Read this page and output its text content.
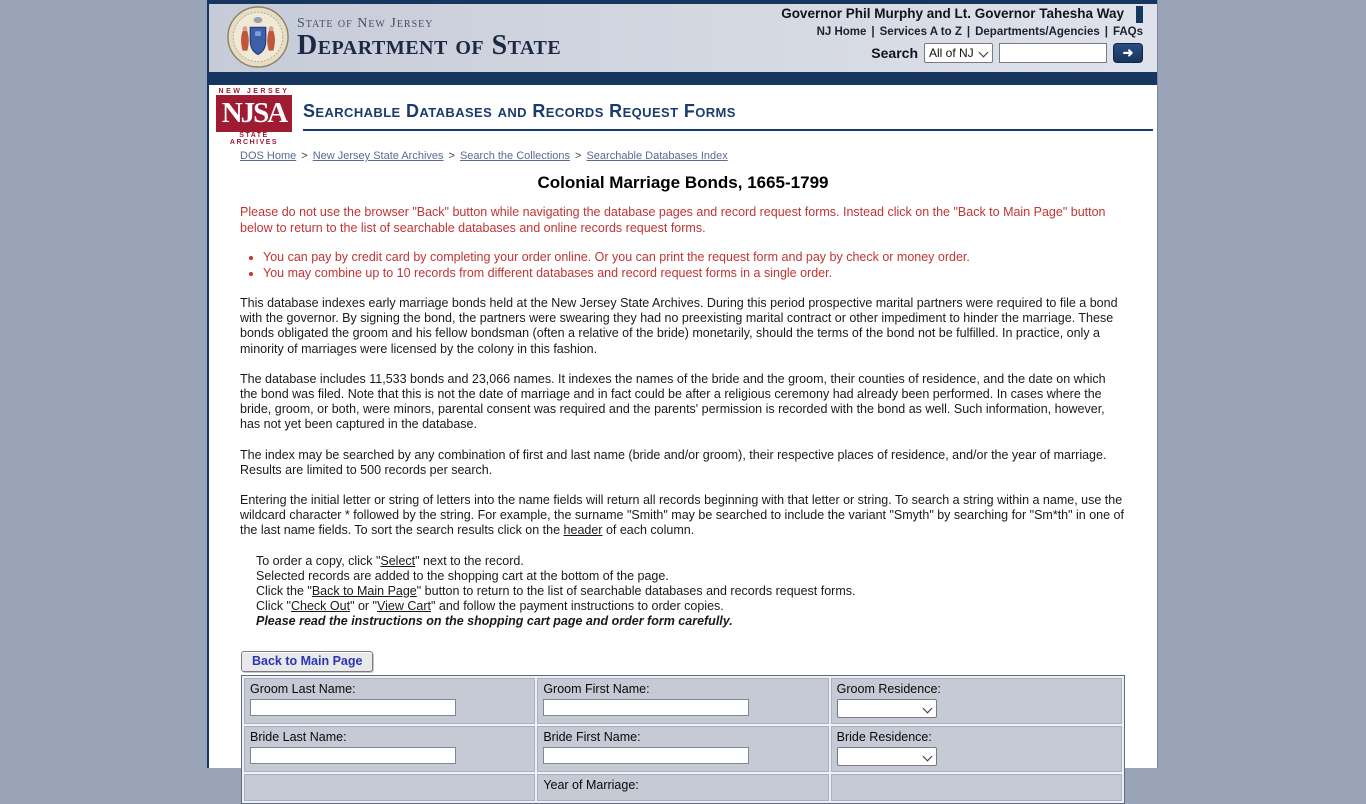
State of New Jersey
Department of State
Governor Phil Murphy and Lt. Governor Tahesha Way
NJ Home | Services A to Z | Departments/Agencies | FAQs
Search
All of NJ	➜
NEW JERSEY
NJSA
STATE ARCHIVES
Searchable Databases and Records Request Forms
DOS Home > New Jersey State Archives > Search the Collections > Searchable Databases Index
Colonial Marriage Bonds, 1665-1799
Please do not use the browser "Back" button while navigating the database pages and record request forms. Instead click on the "Back to Main Page" button below to return to the list of searchable databases and online records request forms.
• You can pay by credit card by completing your order online. Or you can print the request form and pay by check or money order.
• You may combine up to 10 records from different databases and record request forms in a single order.

This database indexes early marriage bonds held at the New Jersey State Archives. During this period prospective marital partners were required to file a bond with the governor. By signing the bond, the partners were swearing they had no preexisting marital contract or other impediment to hinder the marriage. These bonds obligated the groom and his fellow bondsman (often a relative of the bride) monetarily, should the terms of the bond not be fulfilled. In practice, only a minority of marriages were licensed by the colony in this fashion.

The database includes 11,533 bonds and 23,066 names. It indexes the names of the bride and the groom, their counties of residence, and the date on which the bond was filed. Note that this is not the date of marriage and in fact could be after a religious ceremony had already been performed. In cases where the bride, groom, or both, were minors, parental consent was required and the parents' permission is recorded with the bond as well. Such information, however, has not yet been captured in the database.

The index may be searched by any combination of first and last name (bride and/or groom), their respective places of residence, and/or the year of marriage. Results are limited to 500 records per search.

Entering the initial letter or string of letters into the name fields will return all records beginning with that letter or string. To search a string within a name, use the wildcard character * followed by the string. For example, the surname "Smith" may be searched to include the variant "Smyth" by searching for "Sm*th" in one of the last name fields. To sort the search results click on the header of each column.

To order a copy, click "Select" next to the record.
Selected records are added to the shopping cart at the bottom of the page.
Click the "Back to Main Page" button to return to the list of searchable databases and records request forms.
Click "Check Out" or "View Cart" and follow the payment instructions to order copies.
Please read the instructions on the shopping cart page and order form carefully.
Back to Main Page
Groom Last Name:	Groom First Name:	Groom Residence:

Bride Last Name:	Bride First Name:	Bride Residence:

	Year of Marriage:	
